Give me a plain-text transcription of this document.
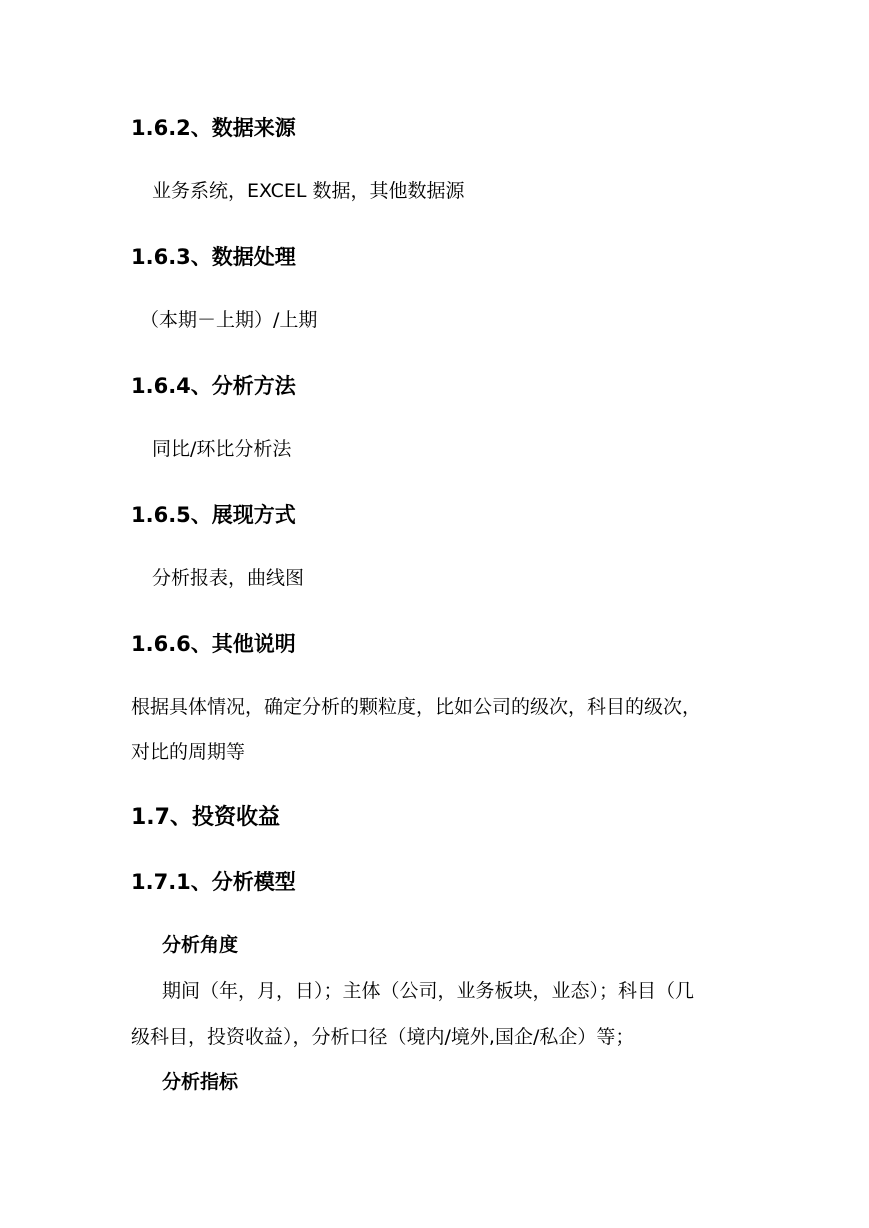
1.6.2、数据来源
业务系统，EXCEL 数据，其他数据源
1.6.3、数据处理
（本期－上期）/上期
1.6.4、分析方法
同比/环比分析法
1.6.5、展现方式
分析报表，曲线图
1.6.6、其他说明
根据具体情况，确定分析的颗粒度，比如公司的级次，科目的级次，
对比的周期等
1.7、投资收益
1.7.1、分析模型
分析角度
期间（年，月，日）；主体（公司，业务板块，业态）；科目（几
级科目，投资收益），分析口径（境内/境外,国企/私企）等；
分析指标
